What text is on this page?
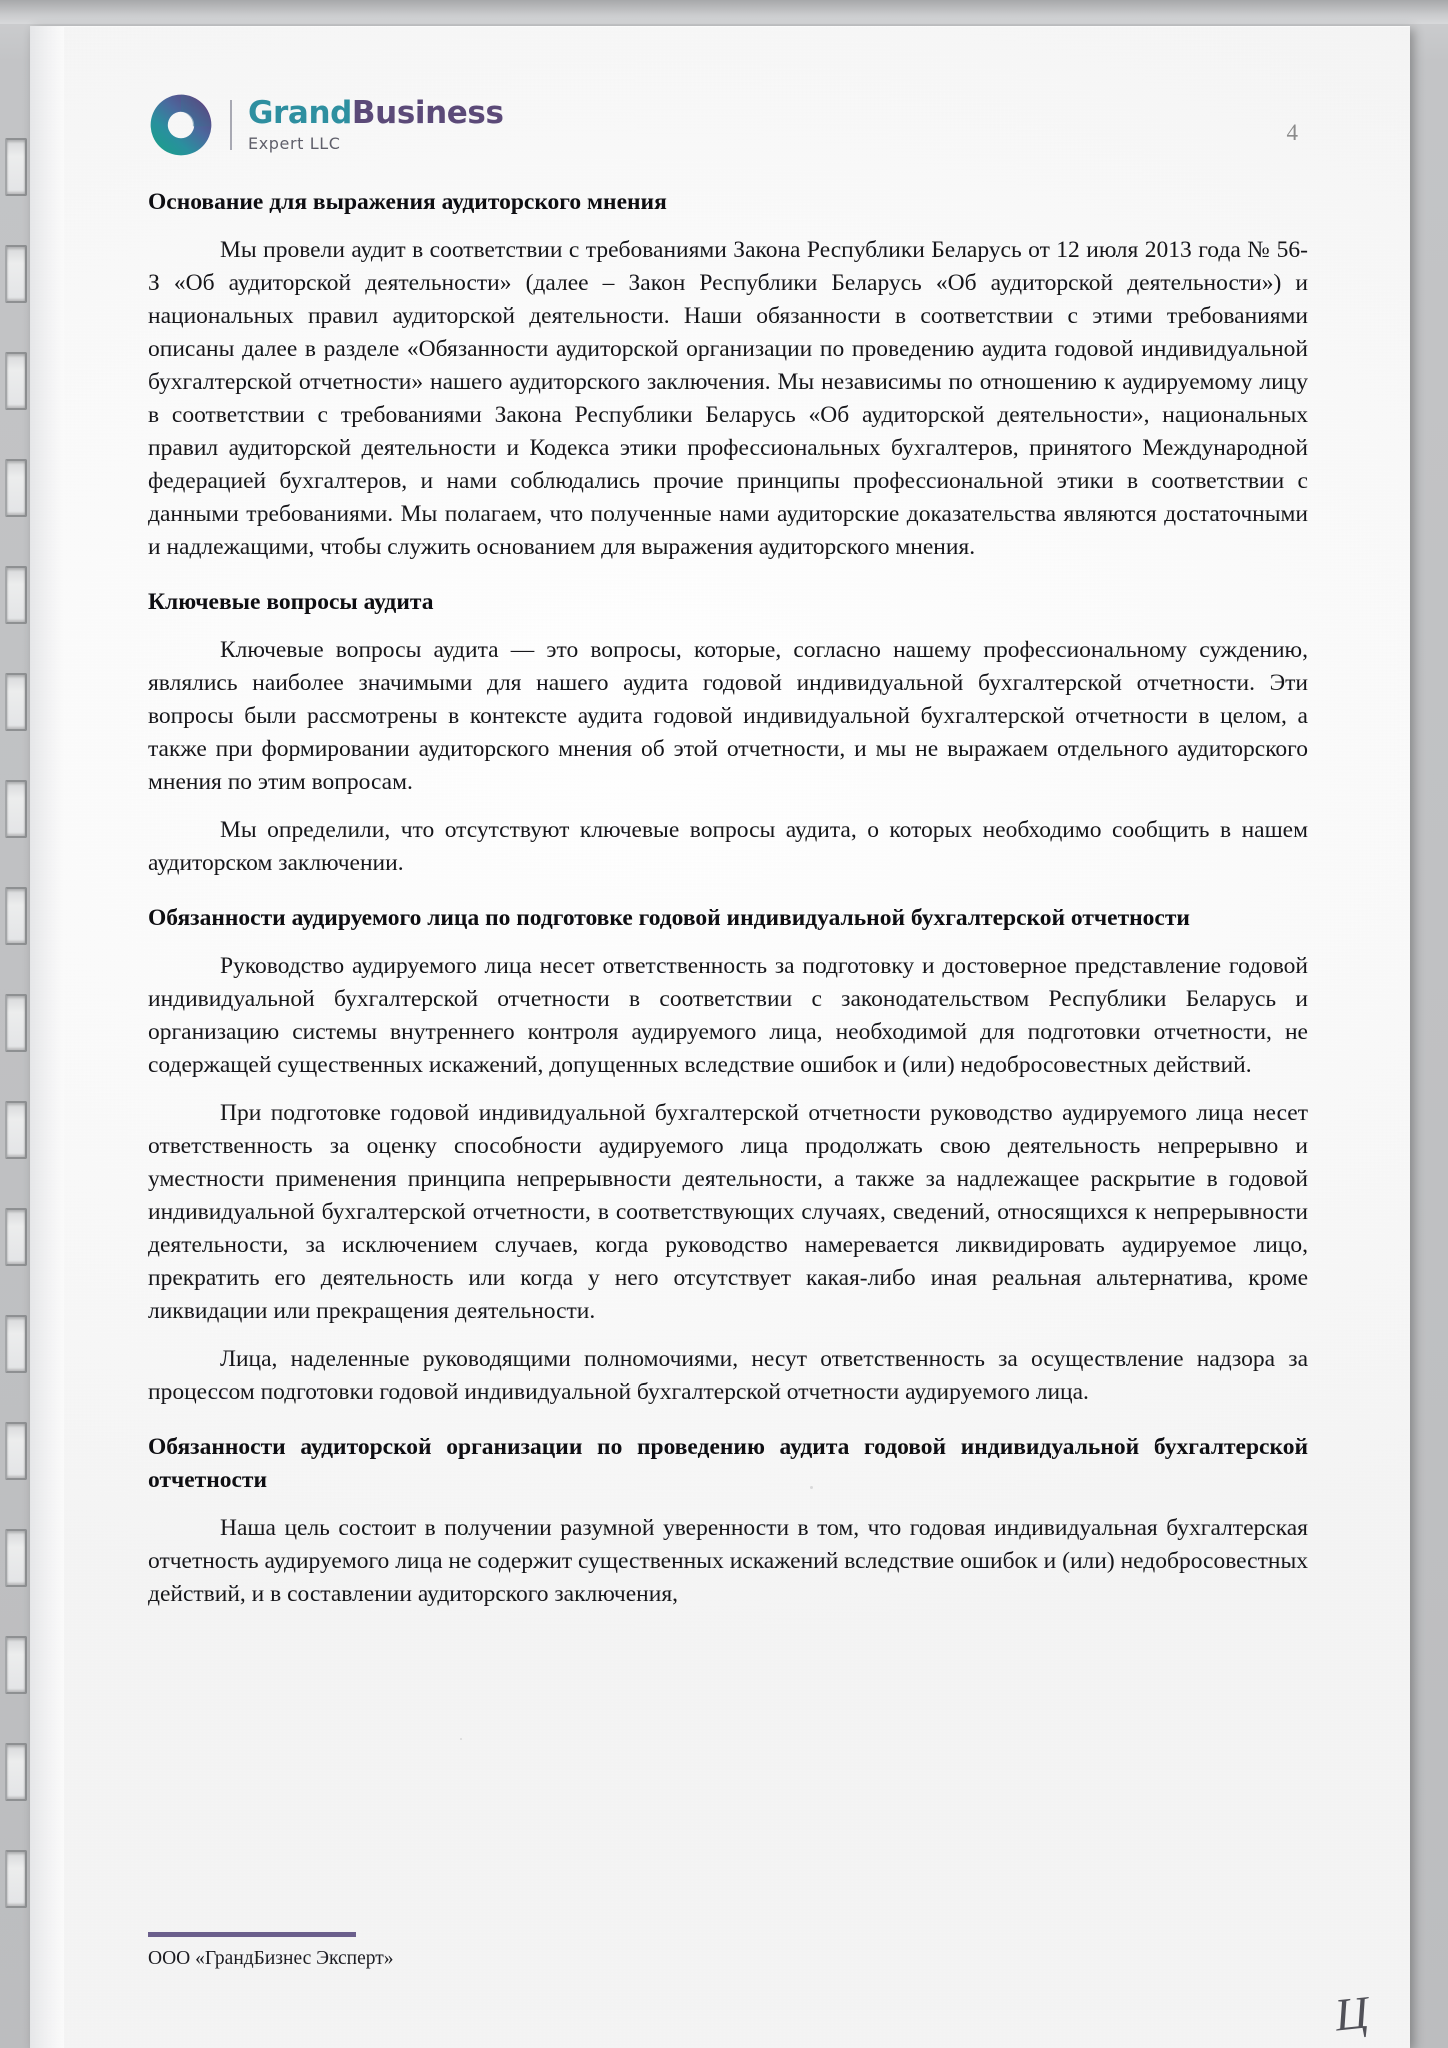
GrandBusiness
Expert LLC	4
Основание для выражения аудиторского мнения

Мы провели аудит в соответствии с требованиями Закона Республики Беларусь от 12 июля 2013 года № 56-З «Об аудиторской деятельности» (далее – Закон Республики Беларусь «Об аудиторской деятельности») и национальных правил аудиторской деятельности. Наши обязанности в соответствии с этими требованиями описаны далее в разделе «Обязанности аудиторской организации по проведению аудита годовой индивидуальной бухгалтерской отчетности» нашего аудиторского заключения. Мы независимы по отношению к аудируемому лицу в соответствии с требованиями Закона Республики Беларусь «Об аудиторской деятельности», национальных правил аудиторской деятельности и Кодекса этики профессиональных бухгалтеров, принятого Международной федерацией бухгалтеров, и нами соблюдались прочие принципы профессиональной этики в соответствии с данными требованиями. Мы полагаем, что полученные нами аудиторские доказательства являются достаточными и надлежащими, чтобы служить основанием для выражения аудиторского мнения.

Ключевые вопросы аудита

Ключевые вопросы аудита — это вопросы, которые, согласно нашему профессиональному суждению, являлись наиболее значимыми для нашего аудита годовой индивидуальной бухгалтерской отчетности. Эти вопросы были рассмотрены в контексте аудита годовой индивидуальной бухгалтерской отчетности в целом, а также при формировании аудиторского мнения об этой отчетности, и мы не выражаем отдельного аудиторского мнения по этим вопросам.

Мы определили, что отсутствуют ключевые вопросы аудита, о которых необходимо сообщить в нашем аудиторском заключении.

Обязанности аудируемого лица по подготовке годовой индивидуальной бухгалтерской отчетности

Руководство аудируемого лица несет ответственность за подготовку и достоверное представление годовой индивидуальной бухгалтерской отчетности в соответствии с законодательством Республики Беларусь и организацию системы внутреннего контроля аудируемого лица, необходимой для подготовки отчетности, не содержащей существенных искажений, допущенных вследствие ошибок и (или) недобросовестных действий.

При подготовке годовой индивидуальной бухгалтерской отчетности руководство аудируемого лица несет ответственность за оценку способности аудируемого лица продолжать свою деятельность непрерывно и уместности применения принципа непрерывности деятельности, а также за надлежащее раскрытие в годовой индивидуальной бухгалтерской отчетности, в соответствующих случаях, сведений, относящихся к непрерывности деятельности, за исключением случаев, когда руководство намеревается ликвидировать аудируемое лицо, прекратить его деятельность или когда у него отсутствует какая-либо иная реальная альтернатива, кроме ликвидации или прекращения деятельности.

Лица, наделенные руководящими полномочиями, несут ответственность за осуществление надзора за процессом подготовки годовой индивидуальной бухгалтерской отчетности аудируемого лица.

Обязанности аудиторской организации по проведению аудита годовой индивидуальной бухгалтерской отчетности

Наша цель состоит в получении разумной уверенности в том, что годовая индивидуальная бухгалтерская отчетность аудируемого лица не содержит существенных искажений вследствие ошибок и (или) недобросовестных действий, и в составлении аудиторского заключения,

ООО «ГрандБизнес Эксперт»
Ц
